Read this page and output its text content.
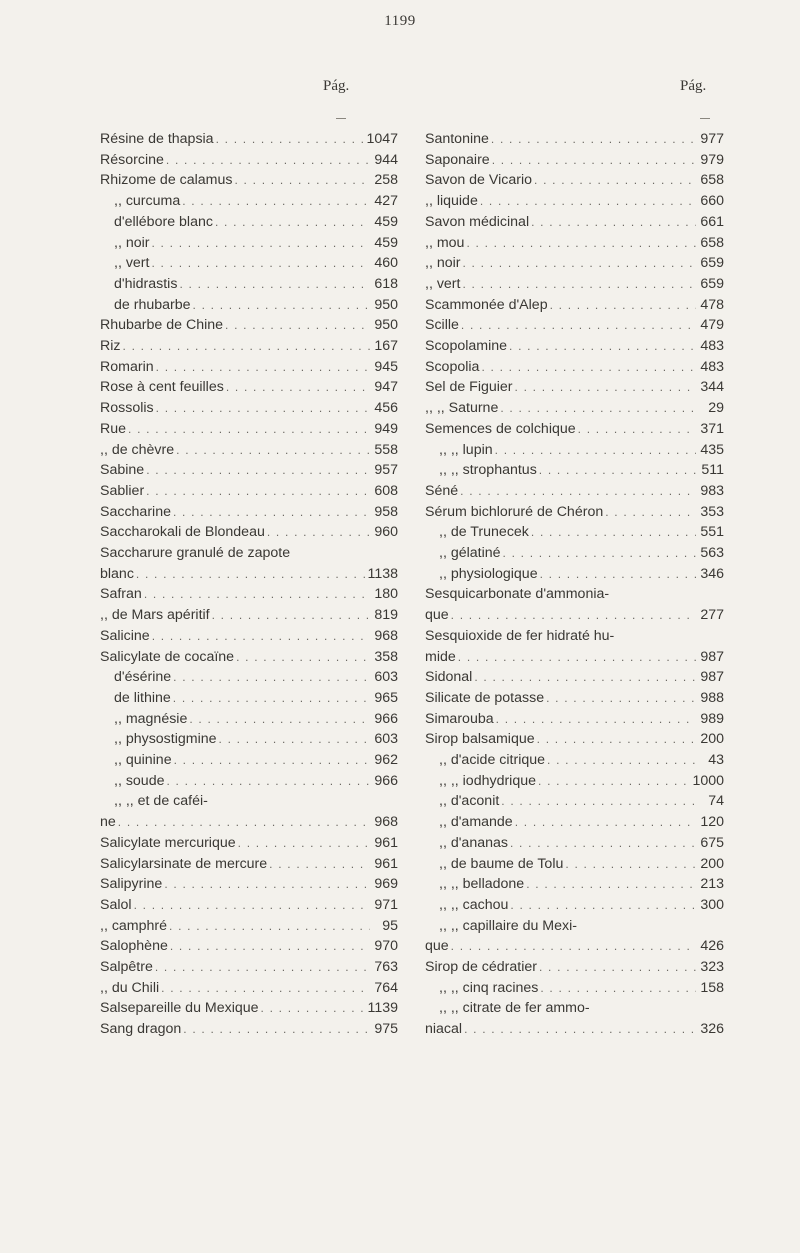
1199
Pág.	Pág.
Résine de thapsia . . .	1047
Résorcine . . .	944
Rhizome de calamus . . .	258
,, curcuma . . .	427
d'ellébore blanc . . .	459
,, noir . . .	459
,, vert . . .	460
d'hidrastis . . .	618
de rhubarbe . . .	950
Rhubarbe de Chine . . .	950
Riz . . .	167
Romarin . . .	945
Rose à cent feuilles . . .	947
Rossolis . . .	456
Rue . . .	949
,, de chèvre . . .	558
Sabine . . .	957
Sablier . . .	608
Saccharine . . .	958
Saccharokali de Blondeau . . .	960
Saccharure granulé de zapote
blanc . . .	1138
Safran . . .	180
,, de Mars apéritif . . .	819
Salicine . . .	968
Salicylate de cocaïne . . .	358
d'ésérine . . .	603
de lithine . . .	965
,, magnésie . . .	966
,, physostigmine . . .	603
,, quinine . . .	962
,, soude . . .	966
,, ,, et de caféi-
ne . . .	968
Salicylate mercurique . . .	961
Salicylarsinate de mercure . . .	961
Salipyrine . . .	969
Salol . . .	971
,, camphré . . .	95
Salophène . . .	970
Salpêtre . . .	763
,, du Chili . . .	764
Salsepareille du Mexique . . .	1139
Sang dragon . . .	975
Santonine . . .	977
Saponaire . . .	979
Savon de Vicario . . .	658
,, liquide . . .	660
Savon médicinal . . .	661
,, mou . . .	658
,, noir . . .	659
,, vert . . .	659
Scammonée d'Alep . . .	478
Scille . . .	479
Scopolamine . . .	483
Scopolia . . .	483
Sel de Figuier . . .	344
,, ,, Saturne . . .	29
Semences de colchique . . .	371
,, ,, lupin . . .	435
,, ,, strophantus . . .	511
Séné . . .	983
Sérum bichloruré de Chéron . . .	353
,, de Trunecek . . .	551
,, gélatiné . . .	563
,, physiologique . . .	346
Sesquicarbonate d'ammonia-
que . . .	277
Sesquioxide de fer hidraté hu-
mide . . .	987
Sidonal . . .	987
Silicate de potasse . . .	988
Simarouba . . .	989
Sirop balsamique . . .	200
,, d'acide citrique . . .	43
,, ,, iodhydrique . . .	1000
,, d'aconit . . .	74
,, d'amande . . .	120
,, d'ananas . . .	675
,, de baume de Tolu . . .	200
,, ,, belladone . . .	213
,, ,, cachou . . .	300
,, ,, capillaire du Mexi-
que . . .	426
Sirop de cédratier . . .	323
,, ,, cinq racines . . .	158
,, ,, citrate de fer ammo-
niacal . . .	326
